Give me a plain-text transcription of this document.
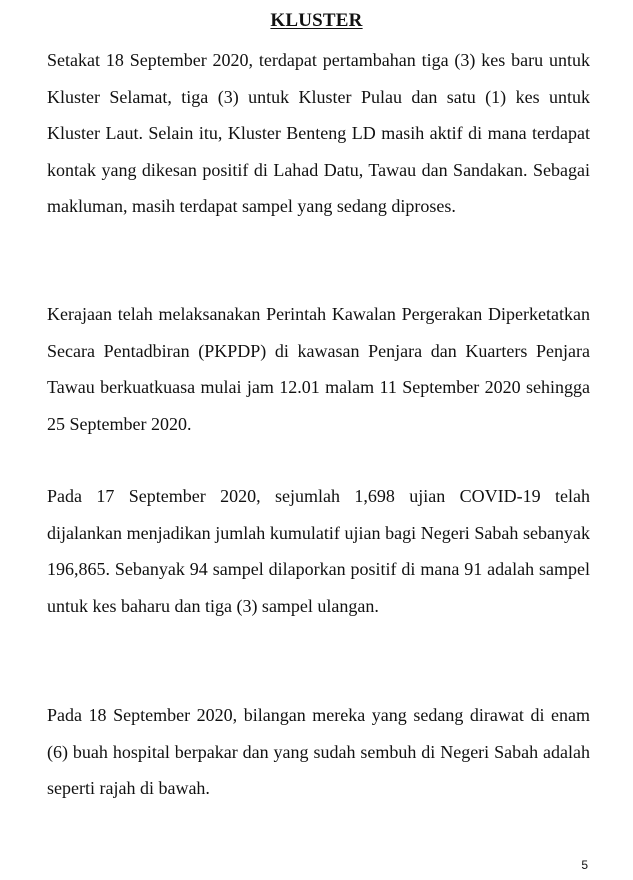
KLUSTER

Setakat 18 September 2020, terdapat pertambahan tiga (3) kes baru untuk Kluster Selamat, tiga (3) untuk Kluster Pulau dan satu (1) kes untuk Kluster Laut. Selain itu, Kluster Benteng LD masih aktif di mana terdapat kontak yang dikesan positif di Lahad Datu, Tawau dan Sandakan. Sebagai makluman, masih terdapat sampel yang sedang diproses.

Kerajaan telah melaksanakan Perintah Kawalan Pergerakan Diperketatkan Secara Pentadbiran (PKPDP) di kawasan Penjara dan Kuarters Penjara Tawau berkuatkuasa mulai jam 12.01 malam 11 September 2020 sehingga 25 September 2020.

Pada 17 September 2020, sejumlah 1,698 ujian COVID-19 telah dijalankan menjadikan jumlah kumulatif ujian bagi Negeri Sabah sebanyak 196,865. Sebanyak 94 sampel dilaporkan positif di mana 91 adalah sampel untuk kes baharu dan tiga (3) sampel ulangan.

Pada 18 September 2020, bilangan mereka yang sedang dirawat di enam (6) buah hospital berpakar dan yang sudah sembuh di Negeri Sabah adalah seperti rajah di bawah.

5
